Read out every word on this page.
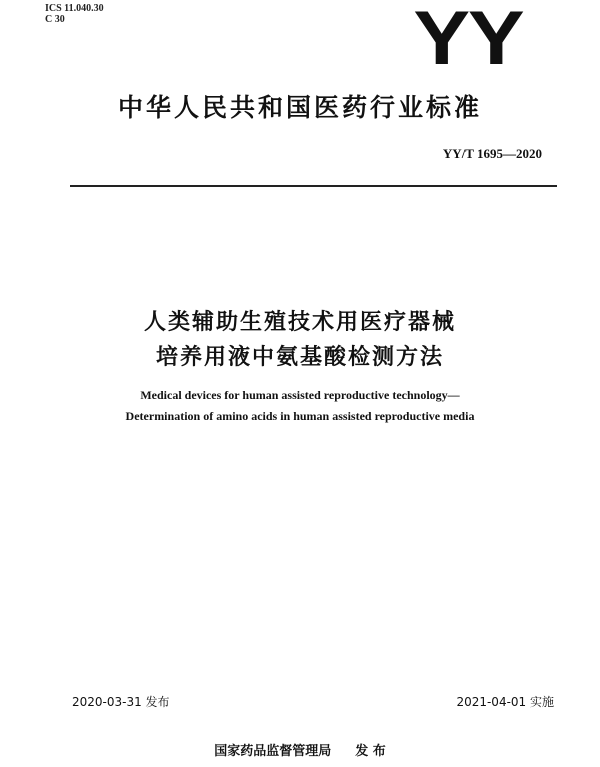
ICS 11.040.30
C 30	YY
中华人民共和国医药行业标准
YY/T 1695—2020
人类辅助生殖技术用医疗器械
培养用液中氨基酸检测方法
Medical devices for human assisted reproductive technology—
Determination of amino acids in human assisted reproductive media
2020-03-31 发布	2021-04-01 实施
国家药品监督管理局 发 布
